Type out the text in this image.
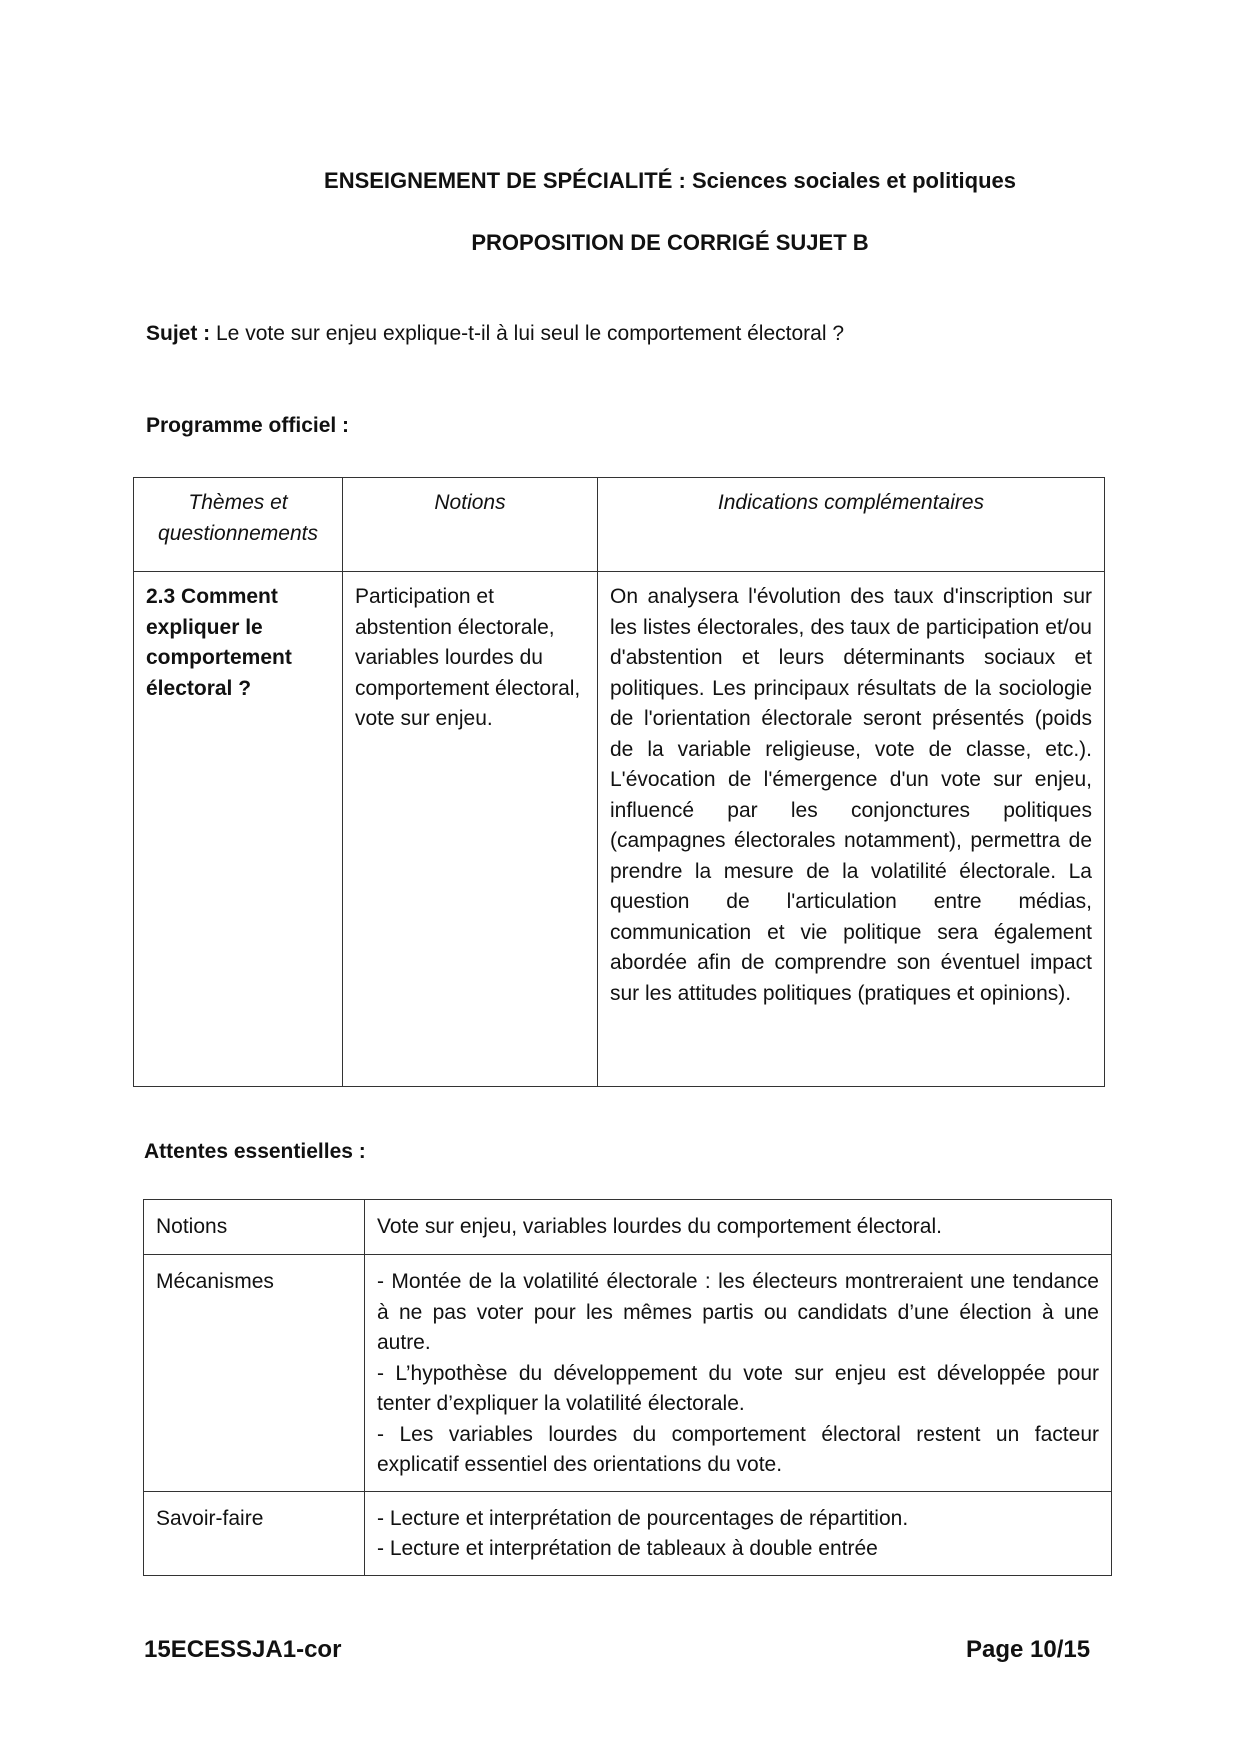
ENSEIGNEMENT DE SPÉCIALITÉ : Sciences sociales et politiques
PROPOSITION DE CORRIGÉ SUJET B
Sujet : Le vote sur enjeu explique-t-il à lui seul le comportement électoral ?
Programme officiel :
Thèmes et questionnements	Notions	Indications complémentaires
2.3 Comment expliquer le comportement électoral ?	Participation et abstention électorale, variables lourdes du comportement électoral, vote sur enjeu.	On analysera l'évolution des taux d'inscription sur les listes électorales, des taux de participation et/ou d'abstention et leurs déterminants sociaux et politiques. Les principaux résultats de la sociologie de l'orientation électorale seront présentés (poids de la variable religieuse, vote de classe, etc.). L'évocation de l'émergence d'un vote sur enjeu, influencé par les conjonctures politiques (campagnes électorales notamment), permettra de prendre la mesure de la volatilité électorale. La question de l'articulation entre médias, communication et vie politique sera également abordée afin de comprendre son éventuel impact sur les attitudes politiques (pratiques et opinions).
Attentes essentielles :
Notions	Vote sur enjeu, variables lourdes du comportement électoral.

Mécanismes	- Montée de la volatilité électorale : les électeurs montreraient une tendance à ne pas voter pour les mêmes partis ou candidats d’une élection à une autre.
- L’hypothèse du développement du vote sur enjeu est développée pour tenter d’expliquer la volatilité électorale.
- Les variables lourdes du comportement électoral restent un facteur explicatif essentiel des orientations du vote.

Savoir-faire	- Lecture et interprétation de pourcentages de répartition.
- Lecture et interprétation de tableaux à double entrée
15ECESSJA1-cor	Page 10/15
